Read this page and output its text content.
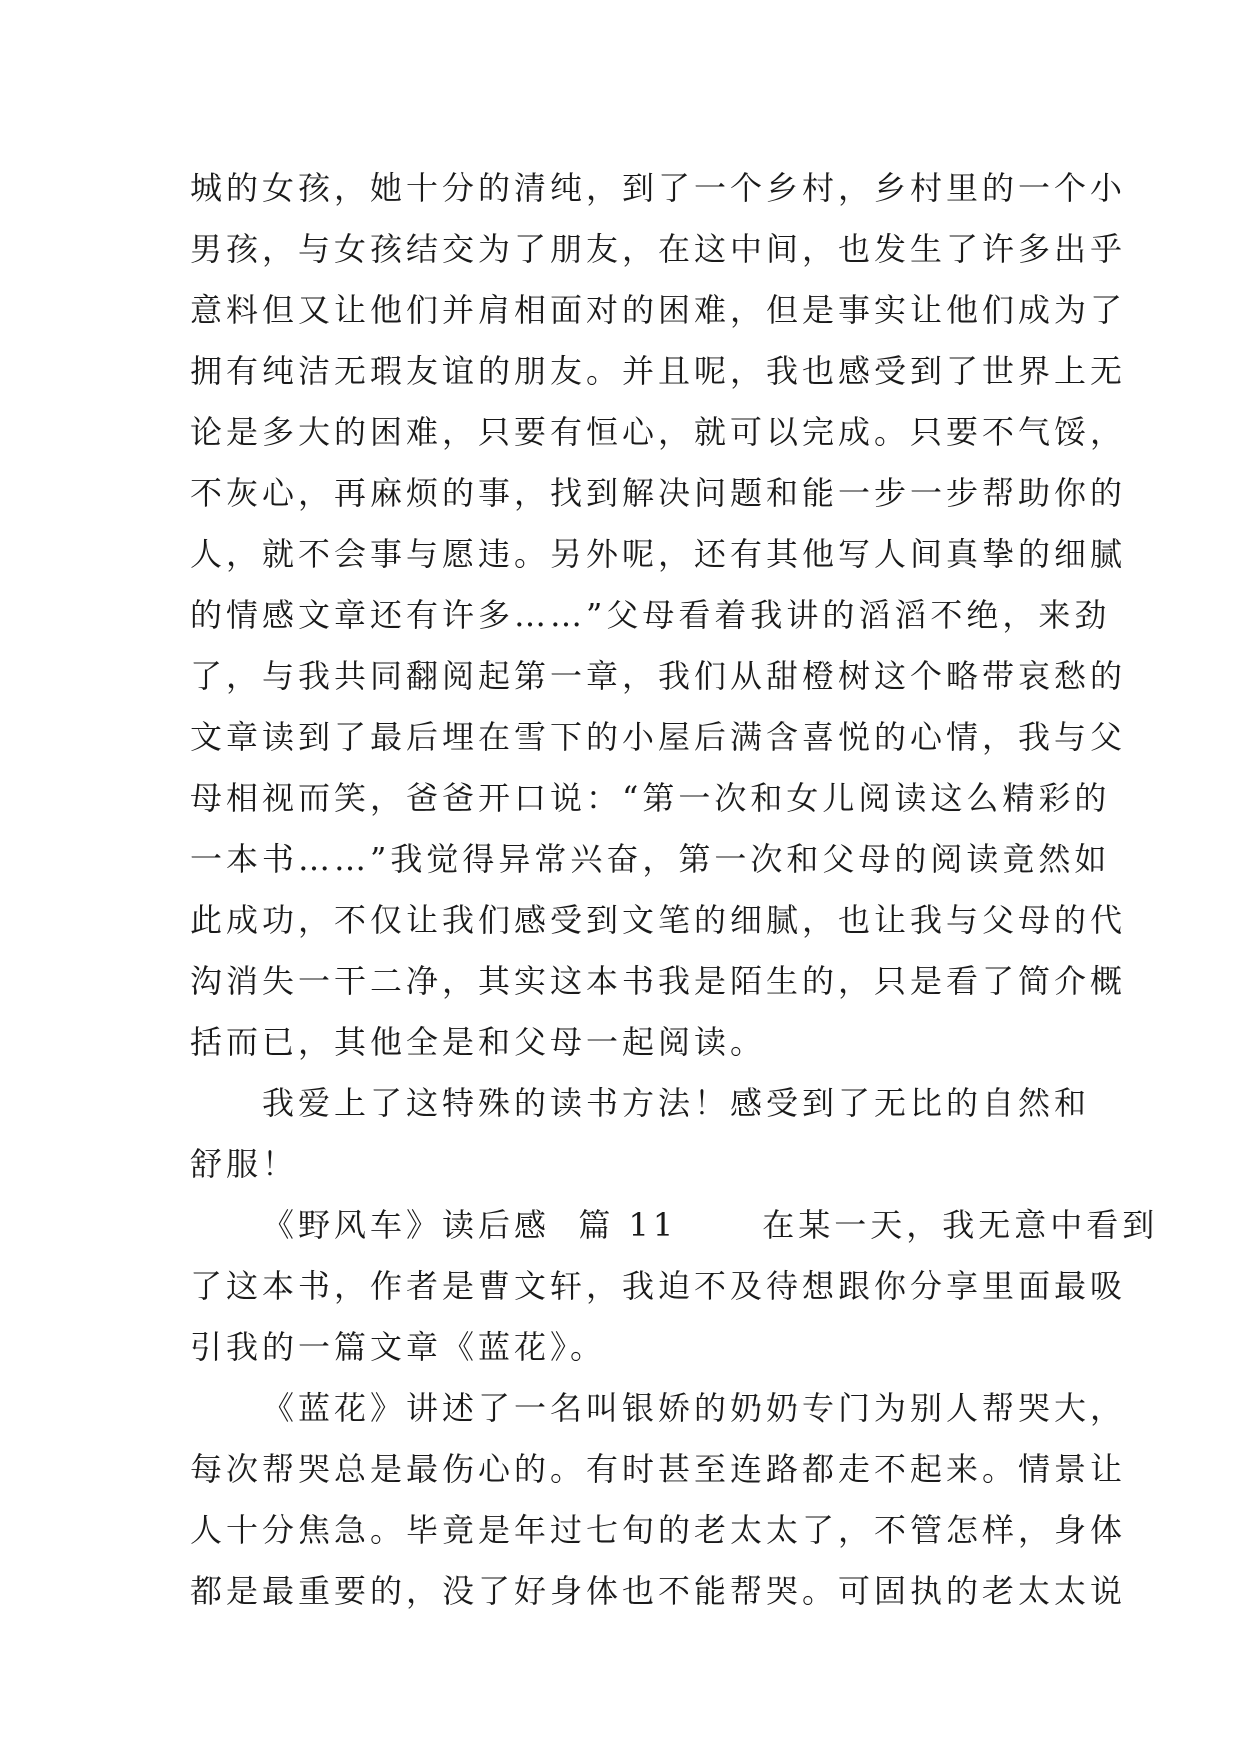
城的女孩，她十分的清纯，到了一个乡村，乡村里的一个小
男孩，与女孩结交为了朋友，在这中间，也发生了许多出乎
意料但又让他们并肩相面对的困难，但是事实让他们成为了
拥有纯洁无瑕友谊的朋友。并且呢，我也感受到了世界上无
论是多大的困难，只要有恒心，就可以完成。只要不气馁，
不灰心，再麻烦的事，找到解决问题和能一步一步帮助你的
人，就不会事与愿违。另外呢，还有其他写人间真挚的细腻
的情感文章还有许多……”父母看着我讲的滔滔不绝，来劲
了，与我共同翻阅起第一章，我们从甜橙树这个略带哀愁的
文章读到了最后埋在雪下的小屋后满含喜悦的心情，我与父
母相视而笑，爸爸开口说：“第一次和女儿阅读这么精彩的
一本书……”我觉得异常兴奋，第一次和父母的阅读竟然如
此成功，不仅让我们感受到文笔的细腻，也让我与父母的代
沟消失一干二净，其实这本书我是陌生的，只是看了简介概
括而已，其他全是和父母一起阅读。
我爱上了这特殊的读书方法！感受到了无比的自然和
舒服！
《野风车》读后感  篇 11      在某一天，我无意中看到
了这本书，作者是曹文轩，我迫不及待想跟你分享里面最吸
引我的一篇文章《蓝花》。
《蓝花》讲述了一名叫银娇的奶奶专门为别人帮哭大，
每次帮哭总是最伤心的。有时甚至连路都走不起来。情景让
人十分焦急。毕竟是年过七旬的老太太了，不管怎样，身体
都是最重要的，没了好身体也不能帮哭。可固执的老太太说
